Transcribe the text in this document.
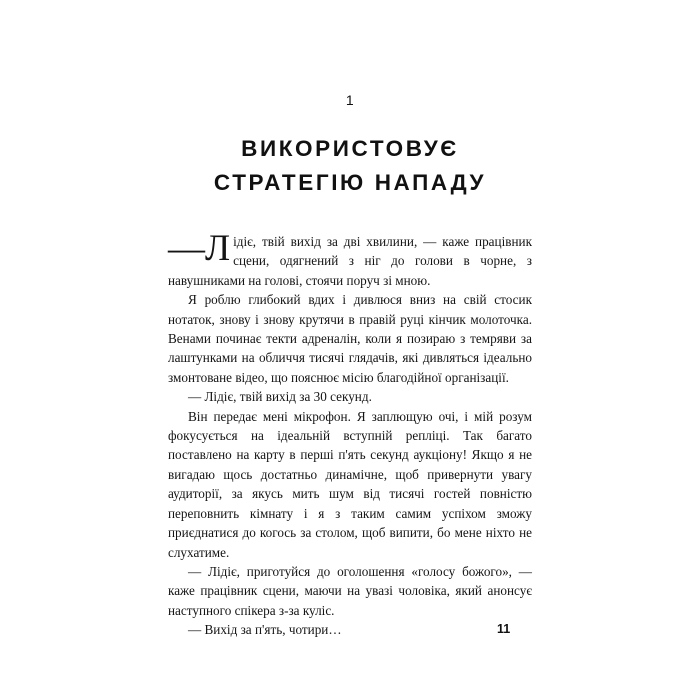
1
ВИКОРИСТОВУЄ
СТРАТЕГІЮ НАПАДУ

—Л ідіє, твій вихід за дві хвилини, — каже працівник сцени, одягнений з ніг до голови в чорне, з навушниками на голові, стоячи поруч зі мною.

Я роблю глибокий вдих і дивлюся вниз на свій стосик нотаток, знову і знову крутячи в правій руці кінчик молоточка. Венами починає текти адреналін, коли я позираю з темряви за лаштунками на обличчя тисячі глядачів, які дивляться ідеально змонтоване відео, що пояснює місію благодійної організації.

— Лідіє, твій вихід за 30 секунд.

Він передає мені мікрофон. Я заплющую очі, і мій розум фокусується на ідеальній вступній репліці. Так багато поставлено на карту в перші п'ять секунд аукціону! Якщо я не вигадаю щось достатньо динамічне, щоб привернути увагу аудиторії, за якусь мить шум від тисячі гостей повністю переповнить кімнату і я з таким самим успіхом зможу приєднатися до когось за столом, щоб випити, бо мене ніхто не слухатиме.

— Лідіє, приготуйся до оголошення «голосу божого», — каже працівник сцени, маючи на увазі чоловіка, який анонсує наступного спікера з-за куліс.

— Вихід за п'ять, чотири…	11
